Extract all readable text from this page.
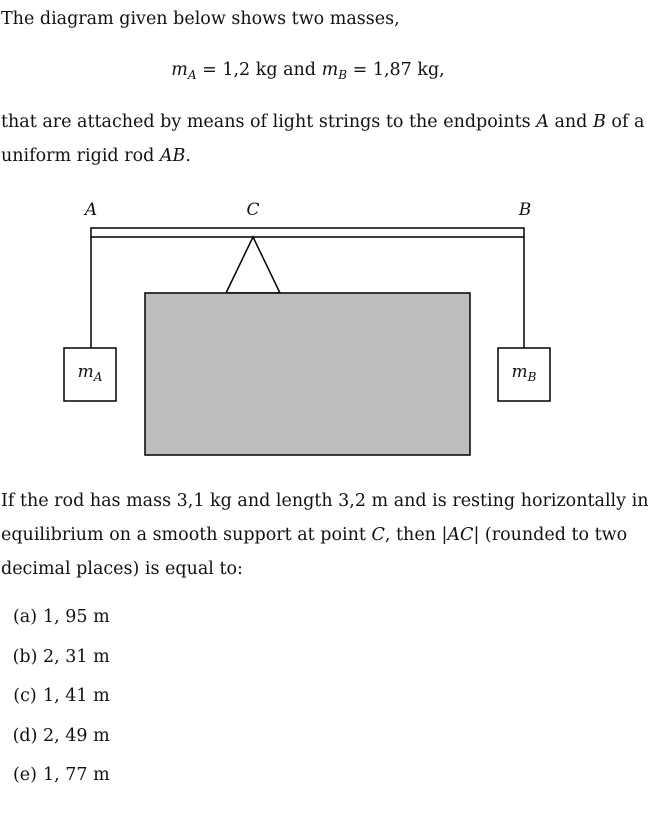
The diagram given below shows two masses,

$m_A = 1,2$ kg and $m_B = 1,87$ kg,

that are attached by means of light strings to the endpoints A and B of a
uniform rigid rod AB.

A	C	B
$m_A$	$m_B$

If the rod has mass 3,1 kg and length 3,2 m and is resting horizontally in
equilibrium on a smooth support at point C, then |AC| (rounded to two
decimal places) is equal to:

(a) 1, 95 m
(b) 2, 31 m
(c) 1, 41 m
(d) 2, 49 m
(e) 1, 77 m
